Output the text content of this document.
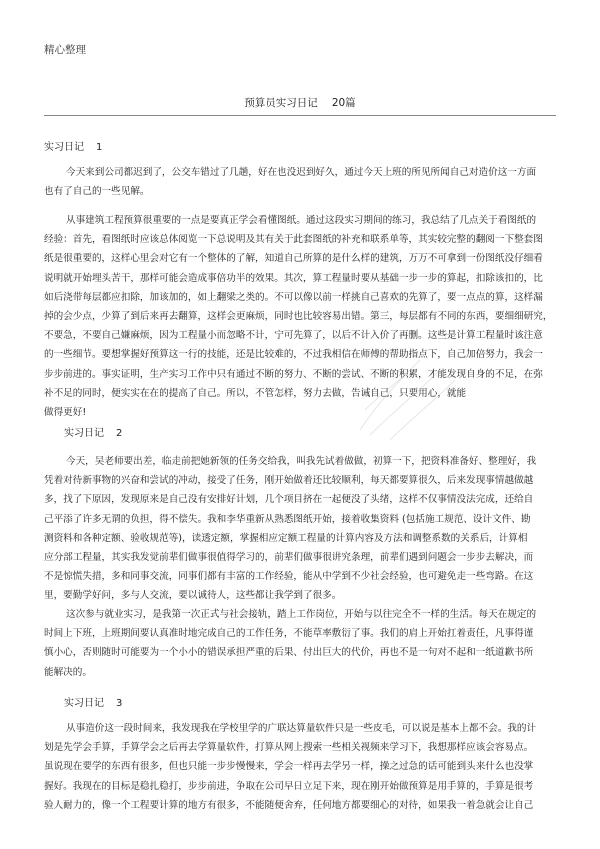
精心整理
预算员实习日记 20篇
实习日记 1
今天来到公司都迟到了，公交车错过了几趟，好在也没迟到好久，通过今天上班的所见所闻自己对造价这一方面
也有了自己的一些见解。
从事建筑工程预算很重要的一点是要真正学会看懂图纸。通过这段实习期间的练习，我总结了几点关于看图纸的
经验：首先，看图纸时应该总体阅览一下总说明及其有关于此套图纸的补充和联系单等，其实较完整的翻阅一下整套图
纸是很重要的，这样心里会对它有一个整体的了解，知道自己所算的是什么样的建筑，万万不可拿到一份图纸没仔细看
说明就开始埋头苦干，那样可能会造成事倍功半的效果。其次，算工程量时要从基础一步一步的算起，扣除该扣的，比
如后浇带每层都应扣除，加该加的，如上翻梁之类的。不可以像以前一样挑自己喜欢的先算了，要一点点的算，这样漏
掉的会少点，少算了到后来再去翻算，这样会更麻烦，同时也比较容易出错。第三，每层都有不同的东西，要细细研究，
不要急，不要自己嫌麻烦，因为工程量小而忽略不计，宁可先算了，以后不计入价了再删。这些是计算工程量时该注意
的一些细节。要想掌握好预算这一行的技能，还是比较难的，不过我相信在师傅的帮助指点下，自己加倍努力，我会一
步步前进的。事实证明，生产实习工作中只有通过不断的努力、不断的尝试、不断的积累，才能发现自身的不足，在弥
补不足的同时，便实实在在的提高了自己。所以，不管怎样，努力去做，告诫自己，只要用心，就能
做得更好!
实习日记 2
今天，吴老师要出差，临走前把她新领的任务交给我，叫我先试着做做，初算一下，把资料准备好、整理好，我
凭着对待新事物的兴奋和尝试的冲动，接受了任务，刚开始做着还比较顺利，每天都要算很久，后来发现事情越做越
多，找了下原因，发现原来是自己没有安排好计划，几个项目挤在一起便没了头绪，这样不仅事情没法完成，还给自
己平添了许多无谓的负担，得不偿失。我和李华重新从熟悉图纸开始，接着收集资料 (包括施工规范、设计文件、勘
测资料和各种定额、验收规范等)，读透定额，掌握相应定额工程量的计算内容及方法和调整系数的关系后，计算相
应分部工程量，其实我发觉前辈们做事很值得学习的，前辈们做事很讲究条理，前辈们遇到问题会一步步去解决，而
不是惊慌失措，多和同事交流，同事们都有丰富的工作经验，能从中学到不少社会经验，也可避免走一些弯路。在这
里，要勤学好问，多与人交流，要以诚待人，这些都让我学到了很多。
这次参与就业实习，是我第一次正式与社会接轨，踏上工作岗位，开始与以往完全不一样的生活。每天在规定的
时间上下班，上班期间要认真准时地完成自己的工作任务，不能草率敷衍了事。我们的肩上开始扛着责任，凡事得谨
慎小心，否则随时可能要为一个小小的错误承担严重的后果、付出巨大的代价，再也不是一句对不起和一纸道歉书所
能解决的。
实习日记 3
从事造价这一段时间来，我发现我在学校里学的广联达算量软件只是一些皮毛，可以说是基本上都不会。我的计
划是先学会手算，手算学会之后再去学算量软件，打算从网上搜索一些相关视频来学习下，我想那样应该会容易点。
虽说现在要学的东西有很多，但也只能一步步慢慢来，学会一样再去学另一样，操之过急的话可能到头来什么也没掌
握好。我现在的目标是稳扎稳打，步步前进，争取在公司早日立足下来，现在刚开始做预算是用手算的，手算是很考
验人耐力的，像一个工程要计算的地方有很多，不能随便舍弃，任何地方都要细心的对待，如果我一着急就会让自己
